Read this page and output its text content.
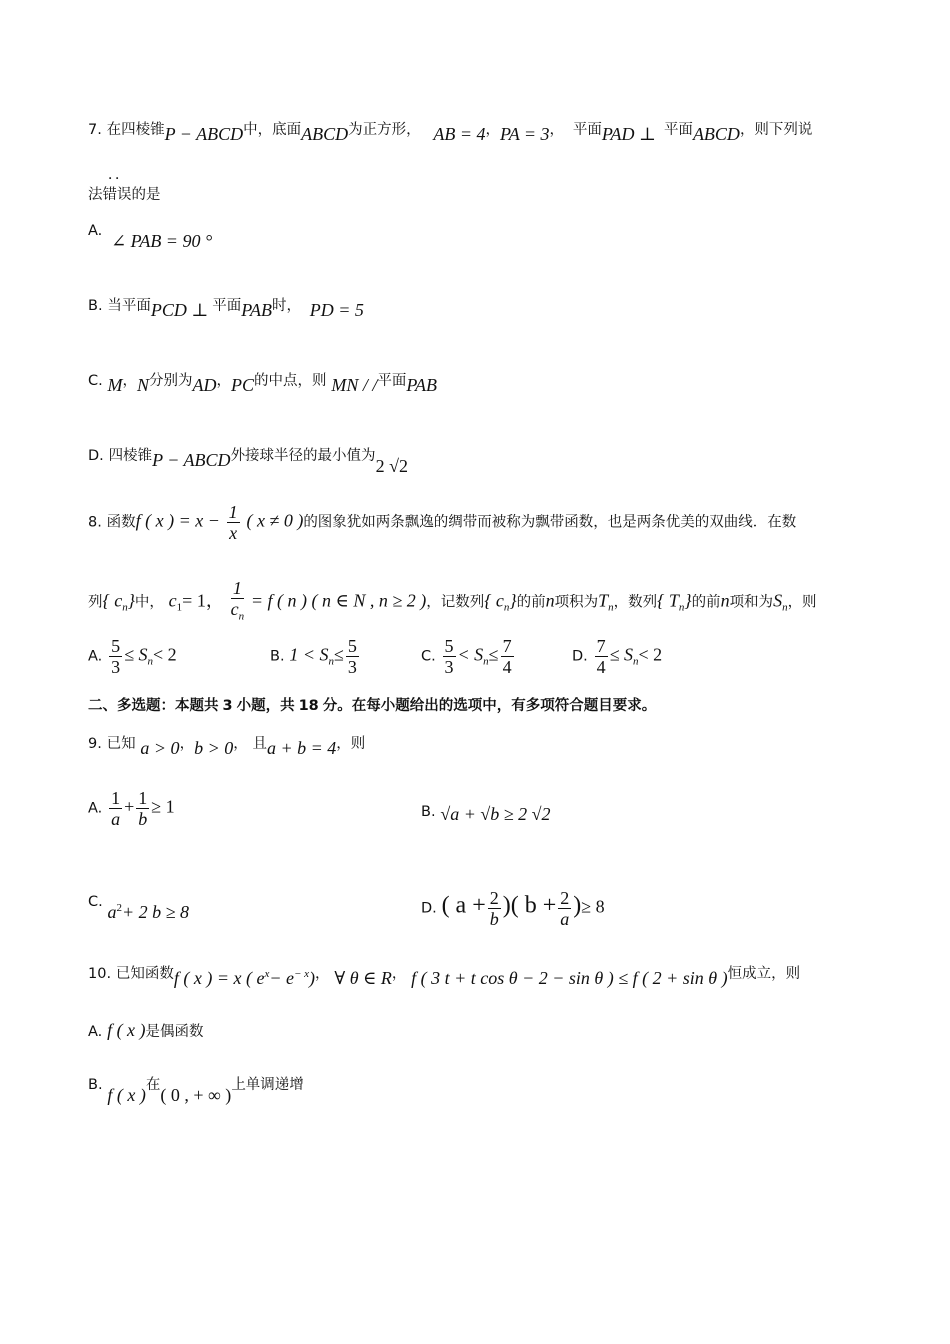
7. 在四棱锥P − ABCD中，底面ABCD为正方形， AB = 4，PA = 3， 平面PAD ⊥ 平面ABCD，则下列说
．．
法错误的是
A. ∠ PAB = 90 °
B. 当平面PCD ⊥ 平面PAB时， PD = 5
C. M，N分别为AD，PC的中点，则 MN / /平面PAB
D. 四棱锥P − ABCD外接球半径的最小值为2 √2
8. 函数f ( x ) = $x - \frac{1}{x}$ ( x ≠ 0 )的图象犹如两条飘逸的绸带而被称为飘带函数，也是两条优美的双曲线．在数
列{ $c_n$}中， $c_1= 1$， $\frac{1}{c_n} = f$ ( n ) ( n ∈ N , n ≥ 2 )，记数列{ $c_n$}的前n项积为$T_n$，数列{ $T_n$}的前n项和为$S_n$，则
A. $\frac{5}{3} \le S_n< 2$	B. $1 < S_n\le \frac{5}{3}$	C. $\frac{5}{3} < S_n\le \frac{7}{4}$	D. $\frac{7}{4} \le S_n< 2$
二、多选题：本题共 3 小题，共 18 分。在每小题给出的选项中，有多项符合题目要求。
9. 已知 a > 0，b > 0， 且a + b = 4，则
A. $\frac{1}{a} + \frac{1}{b} \ge 1$	B. √a + √b ≥ 2 √2
C. $a^2+ 2$ b ≥ 8	D. ( $a + \frac{2}{b}$ )( $b + \frac{2}{a}$ )≥ 8
10. 已知函数f ( x ) = x ( $e^x- e^{- x}$)， ∀ θ ∈ R， f ( 3 t + t cos θ − 2 − sin θ ) ≤ f ( 2 + sin θ )恒成立，则
A. f ( x )是偶函数
B. f ( x )在( 0 , + ∞ )上单调递增
